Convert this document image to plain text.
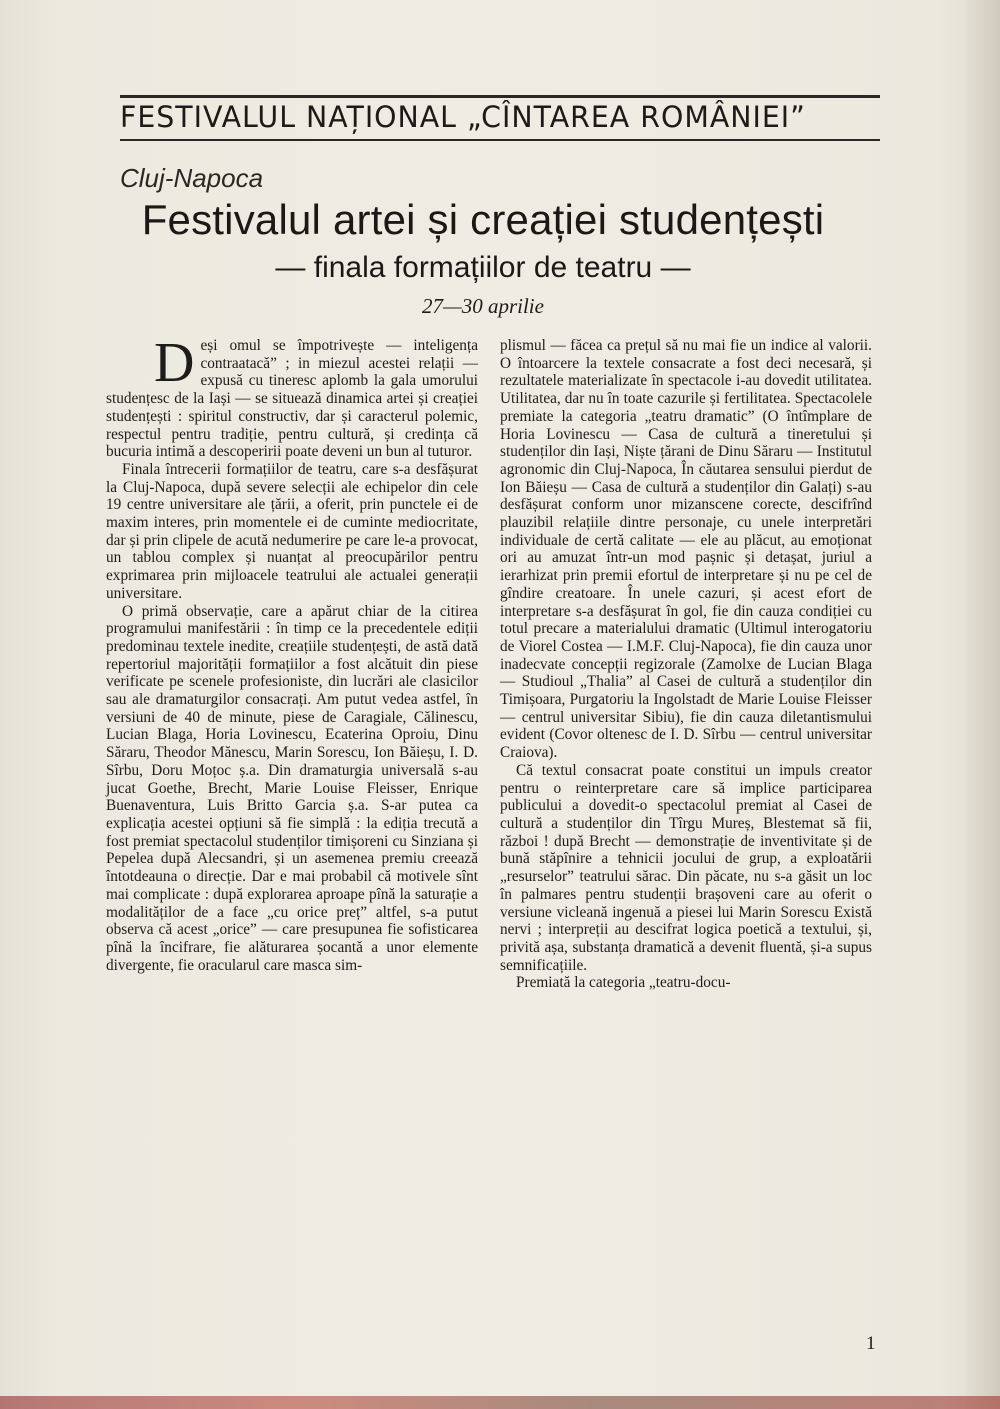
FESTIVALUL NAȚIONAL „CÎNTAREA ROMÂNIEI”
Cluj-Napoca
Festivalul artei și creației studențești
— finala formațiilor de teatru —
27—30 aprilie

Deși omul se împotrivește — inteligența contraatacă” ; in miezul acestei relații — expusă cu tineresc aplomb la gala umorului studențesc de la Iași — se situează dinamica artei și creației studențești : spiritul constructiv, dar și caracterul polemic, respectul pentru tradiție, pentru cultură, și credința că bucuria intimă a descoperirii poate deveni un bun al tuturor.

Finala întrecerii formațiilor de teatru, care s-a desfășurat la Cluj-Napoca, după severe selecții ale echipelor din cele 19 centre universitare ale țării, a oferit, prin punctele ei de maxim interes, prin momentele ei de cuminte mediocritate, dar și prin clipele de acută nedumerire pe care le-a provocat, un tablou complex și nuanțat al preocupărilor pentru exprimarea prin mijloacele teatrului ale actualei generații universitare.

O primă observație, care a apărut chiar de la citirea programului manifestării : în timp ce la precedentele ediții predominau textele inedite, creațiile studențești, de astă dată repertoriul majorității formațiilor a fost alcătuit din piese verificate pe scenele profesioniste, din lucrări ale clasicilor sau ale dramaturgilor consacrați. Am putut vedea astfel, în versiuni de 40 de minute, piese de Caragiale, Călinescu, Lucian Blaga, Horia Lovinescu, Ecaterina Oproiu, Dinu Săraru, Theodor Mănescu, Marin Sorescu, Ion Băieșu, I. D. Sîrbu, Doru Moțoc ș.a. Din dramaturgia universală s-au jucat Goethe, Brecht, Marie Louise Fleisser, Enrique Buenaventura, Luis Britto Garcia ș.a. S-ar putea ca explicația acestei opțiuni să fie simplă : la ediția trecută a fost premiat spectacolul studenților timișoreni cu Sinziana și Pepelea după Alecsandri, și un asemenea premiu creează întotdeauna o direcție. Dar e mai probabil că motivele sînt mai complicate : după explorarea aproape pînă la saturație a modalităților de a face „cu orice preț” altfel, s-a putut observa că acest „orice” — care presupunea fie sofisticarea pînă la încifrare, fie alăturarea șocantă a unor elemente divergente, fie oracularul care masca sim-

plismul — făcea ca prețul să nu mai fie un indice al valorii. O întoarcere la textele consacrate a fost deci necesară, și rezultatele materializate în spectacole i-au dovedit utilitatea. Utilitatea, dar nu în toate cazurile și fertilitatea. Spectacolele premiate la categoria „teatru dramatic” (O întîmplare de Horia Lovinescu — Casa de cultură a tineretului și studenților din Iași, Niște țărani de Dinu Săraru — Institutul agronomic din Cluj-Napoca, În căutarea sensului pierdut de Ion Băieșu — Casa de cultură a studenților din Galați) s-au desfășurat conform unor mizanscene corecte, descifrînd plauzibil relațiile dintre personaje, cu unele interpretări individuale de certă calitate — ele au plăcut, au emoționat ori au amuzat într-un mod pașnic și detașat, juriul a ierarhizat prin premii efortul de interpretare și nu pe cel de gîndire creatoare. În unele cazuri, și acest efort de interpretare s-a desfășurat în gol, fie din cauza condiției cu totul precare a materialului dramatic (Ultimul interogatoriu de Viorel Costea — I.M.F. Cluj-Napoca), fie din cauza unor inadecvate concepții regizorale (Zamolxe de Lucian Blaga — Studioul „Thalia” al Casei de cultură a studenților din Timișoara, Purgatoriu la Ingolstadt de Marie Louise Fleisser — centrul universitar Sibiu), fie din cauza diletantismului evident (Covor oltenesc de I. D. Sîrbu — centrul universitar Craiova).

Că textul consacrat poate constitui un impuls creator pentru o reinterpretare care să implice participarea publicului a dovedit-o spectacolul premiat al Casei de cultură a studenților din Tîrgu Mureș, Blestemat să fii, război ! după Brecht — demonstrație de inventivitate și de bună stăpînire a tehnicii jocului de grup, a exploatării „resurselor” teatrului sărac. Din păcate, nu s-a găsit un loc în palmares pentru studenții brașoveni care au oferit o versiune vicleană ingenuă a piesei lui Marin Sorescu Există nervi ; interpreții au descifrat logica poetică a textului, și, privită așa, substanța dramatică a devenit fluentă, și-a supus semnificațiile.

Premiată la categoria „teatru-docu-

1
